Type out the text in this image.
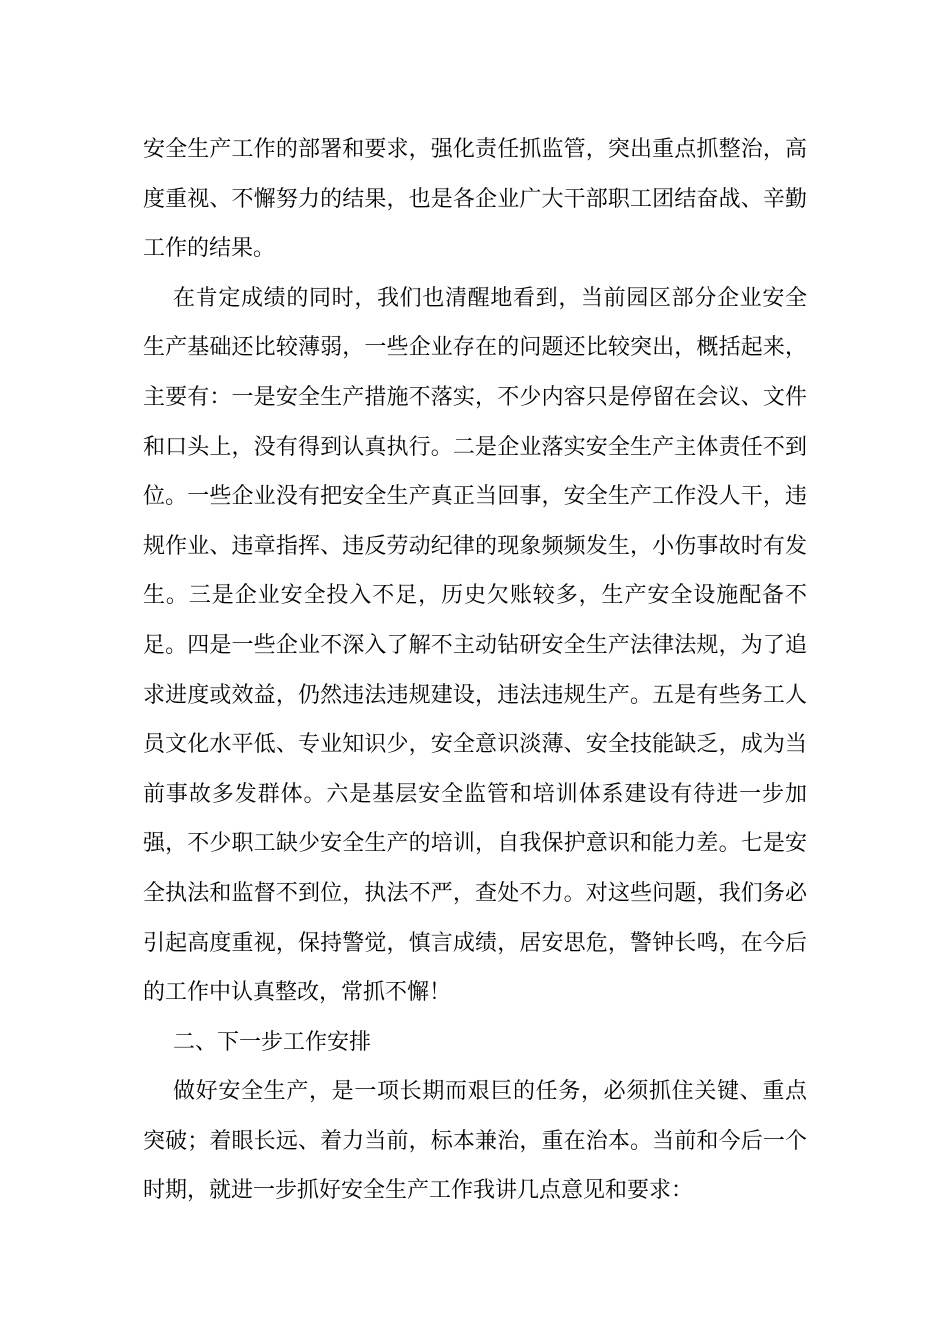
安全生产工作的部署和要求，强化责任抓监管，突出重点抓整治，高度重视、不懈努力的结果，也是各企业广大干部职工团结奋战、辛勤工作的结果。

在肯定成绩的同时，我们也清醒地看到，当前园区部分企业安全生产基础还比较薄弱，一些企业存在的问题还比较突出，概括起来，主要有：一是安全生产措施不落实，不少内容只是停留在会议、文件和口头上，没有得到认真执行。二是企业落实安全生产主体责任不到位。一些企业没有把安全生产真正当回事，安全生产工作没人干，违规作业、违章指挥、违反劳动纪律的现象频频发生，小伤事故时有发生。三是企业安全投入不足，历史欠账较多，生产安全设施配备不足。四是一些企业不深入了解不主动钻研安全生产法律法规，为了追求进度或效益，仍然违法违规建设，违法违规生产。五是有些务工人员文化水平低、专业知识少，安全意识淡薄、安全技能缺乏，成为当前事故多发群体。六是基层安全监管和培训体系建设有待进一步加强，不少职工缺少安全生产的培训，自我保护意识和能力差。七是安全执法和监督不到位，执法不严，查处不力。对这些问题，我们务必引起高度重视，保持警觉，慎言成绩，居安思危，警钟长鸣，在今后的工作中认真整改，常抓不懈！

二、下一步工作安排

做好安全生产，是一项长期而艰巨的任务，必须抓住关键、重点突破；着眼长远、着力当前，标本兼治，重在治本。当前和今后一个时期，就进一步抓好安全生产工作我讲几点意见和要求：
